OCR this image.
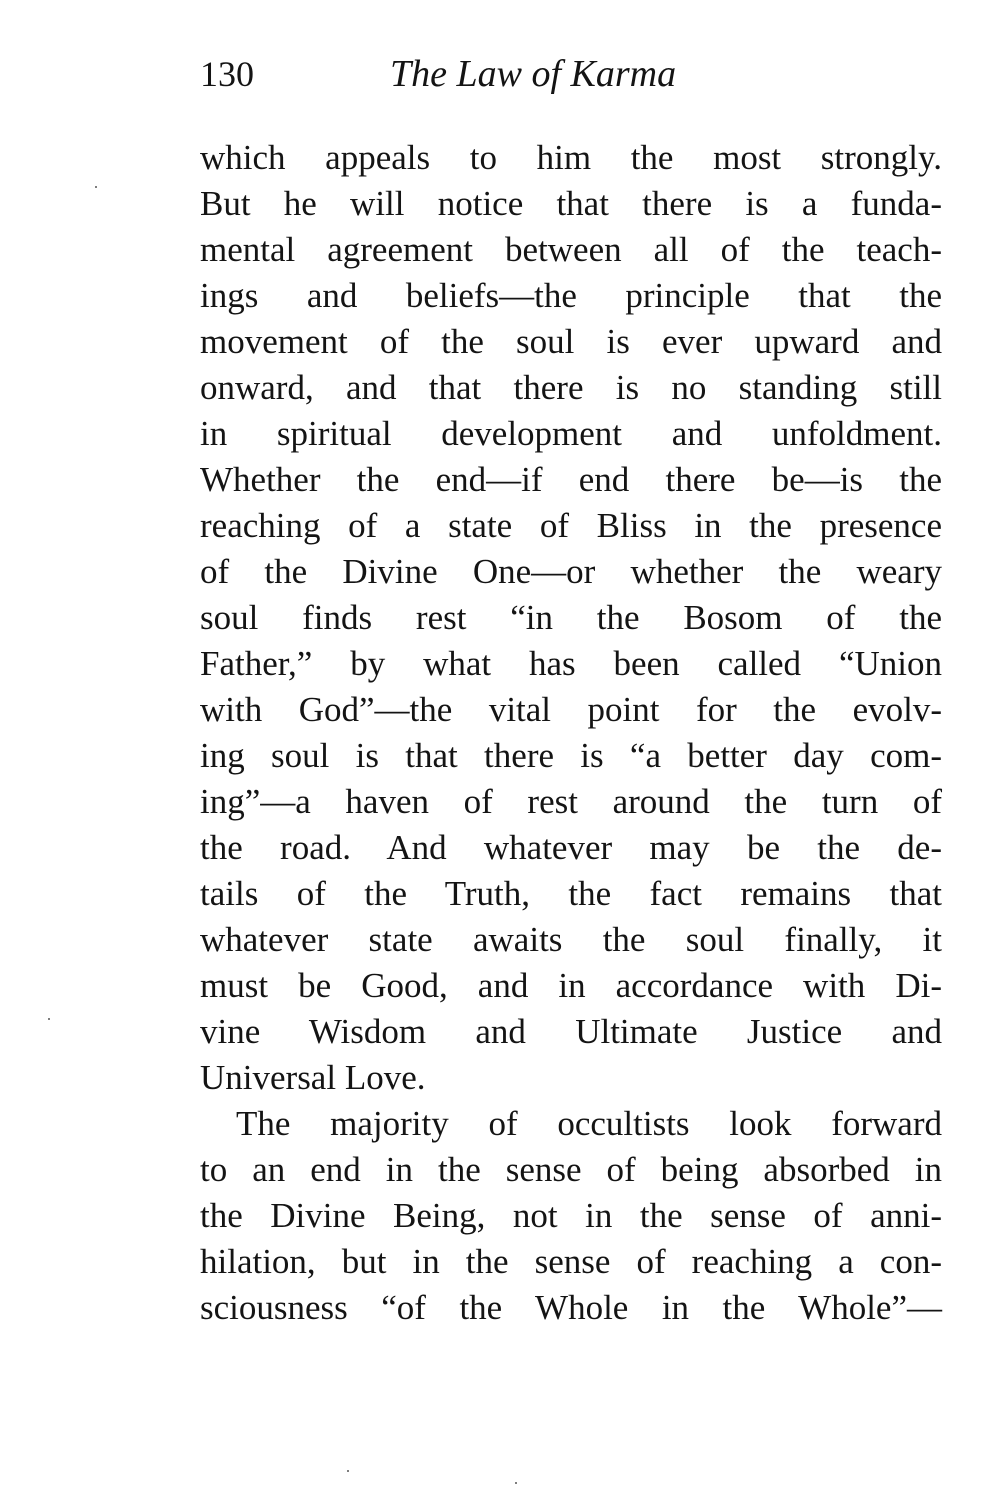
130	The Law of Karma
which appeals to him the most strongly.
But he will notice that there is a funda-
mental agreement between all of the teach-
ings and beliefs—the principle that the
movement of the soul is ever upward and
onward, and that there is no standing still
in spiritual development and unfoldment.
Whether the end—if end there be—is the
reaching of a state of Bliss in the presence
of the Divine One—or whether the weary
soul finds rest “in the Bosom of the
Father,” by what has been called “Union
with God”—the vital point for the evolv-
ing soul is that there is “a better day com-
ing”—a haven of rest around the turn of
the road. And whatever may be the de-
tails of the Truth, the fact remains that
whatever state awaits the soul finally, it
must be Good, and in accordance with Di-
vine Wisdom and Ultimate Justice and
Universal Love.
The majority of occultists look forward
to an end in the sense of being absorbed in
the Divine Being, not in the sense of anni-
hilation, but in the sense of reaching a con-
sciousness “of the Whole in the Whole”—
